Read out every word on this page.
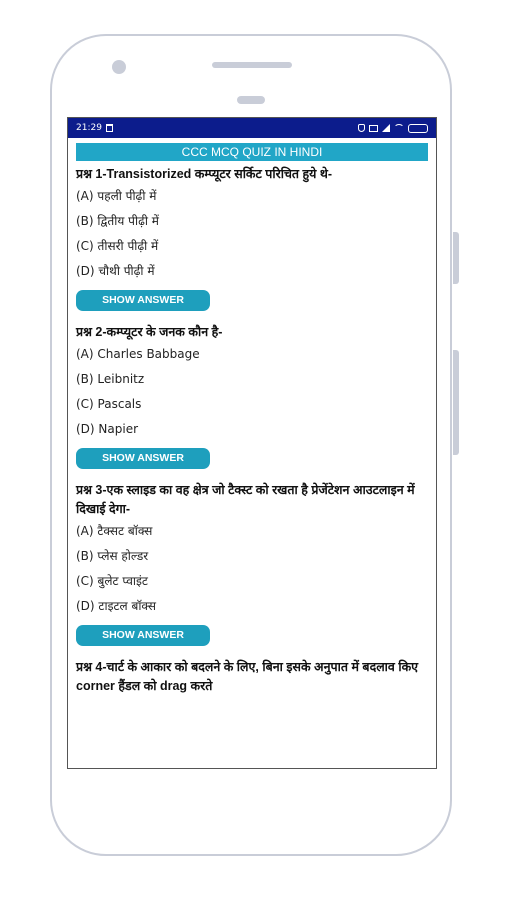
21:29
CCC MCQ QUIZ IN HINDI
प्रश्न 1-Transistorized कम्प्यूटर सर्किट परिचित हुये थे-
(A) पहली पीढ़ी में
(B) द्वितीय पीढ़ी में
(C) तीसरी पीढ़ी में
(D) चौथी पीढ़ी में
SHOW ANSWER
प्रश्न 2-कम्प्यूटर के जनक कौन है-
(A) Charles Babbage
(B) Leibnitz
(C) Pascals
(D) Napier
SHOW ANSWER
प्रश्न 3-एक स्लाइड का वह क्षेत्र जो टैक्स्ट को रखता है प्रेजेंटेशन आउटलाइन में दिखाई देगा-
(A) टैक्सट बॉक्स
(B) प्लेस होल्डर
(C) बुलेट प्वाइंट
(D) टाइटल बॉक्स
SHOW ANSWER
प्रश्न 4-चार्ट के आकार को बदलने के लिए, बिना इसके अनुपात में बदलाव किए corner हैंडल को drag करते
